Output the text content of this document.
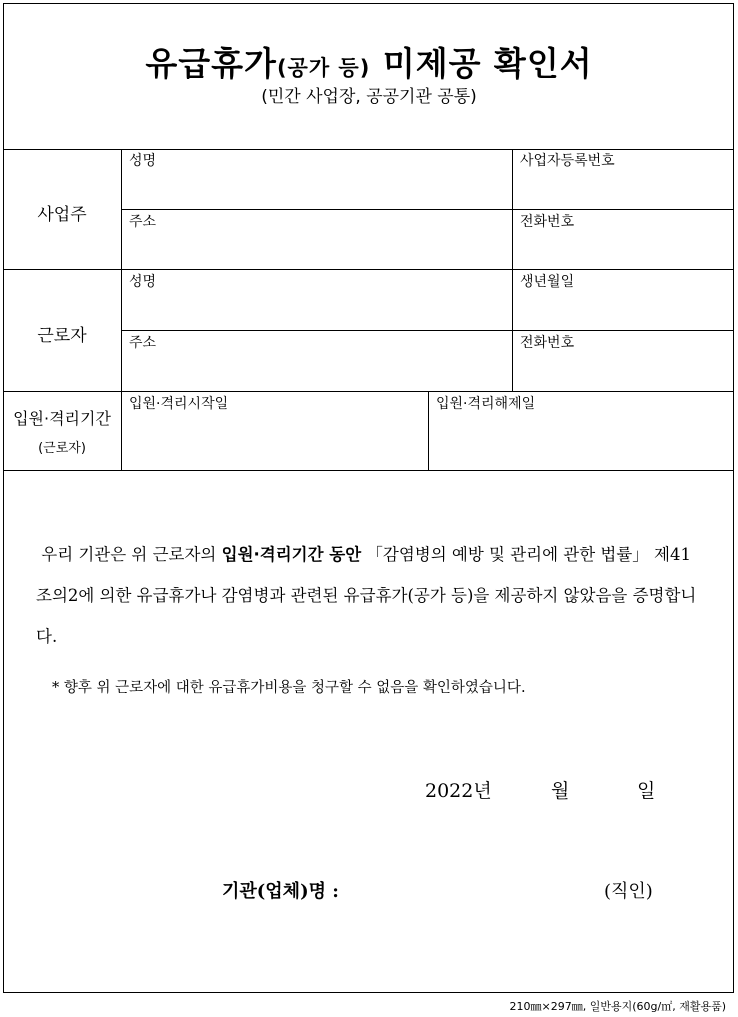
유급휴가(공가 등) 미제공 확인서
(민간 사업장, 공공기관 공통)
사업주
성명	사업자등록번호
주소	전화번호
근로자
성명	생년월일
주소	전화번호
입원·격리기간
(근로자)
입원·격리시작일	입원·격리해제일
우리 기관은 위 근로자의 입원·격리기간 동안 「감염병의 예방 및 관리에 관한 법률」 제41조의2에 의한 유급휴가나 감염병과 관련된 유급휴가(공가 등)을 제공하지 않았음을 증명합니다.
* 향후 위 근로자에 대한 유급휴가비용을 청구할 수 없음을 확인하였습니다.
2022년	월	일
기관(업체)명 :	(직인)
210㎜×297㎜, 일반용지(60g/㎡, 재활용품)
